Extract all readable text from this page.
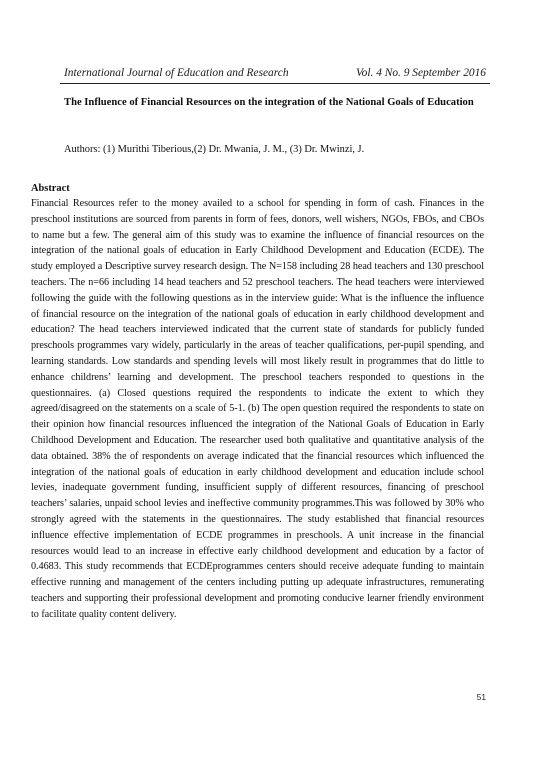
International Journal of Education and Research	Vol. 4 No. 9 September 2016
The Influence of Financial Resources on the integration of the National Goals of Education
Authors: (1) Murithi Tiberious,(2) Dr. Mwania, J. M., (3) Dr. Mwinzi, J.
Abstract

Financial Resources refer to the money availed to a school for spending in form of cash. Finances in the preschool institutions are sourced from parents in form of fees, donors, well wishers, NGOs, FBOs, and CBOs to name but a few. The general aim of this study was to examine the influence of financial resources on the integration of the national goals of education in Early Childhood Development and Education (ECDE). The study employed a Descriptive survey research design. The N=158 including 28 head teachers and 130 preschool teachers. The n=66 including 14 head teachers and 52 preschool teachers. The head teachers were interviewed following the guide with the following questions as in the interview guide: What is the influence the influence of financial resource on the integration of the national goals of education in early childhood development and education? The head teachers interviewed indicated that the current state of standards for publicly funded preschools programmes vary widely, particularly in the areas of teacher qualifications, per-pupil spending, and learning standards. Low standards and spending levels will most likely result in programmes that do little to enhance childrens’ learning and development. The preschool teachers responded to questions in the questionnaires. (a) Closed questions required the respondents to indicate the extent to which they agreed/disagreed on the statements on a scale of 5-1. (b) The open question required the respondents to state on their opinion how financial resources influenced the integration of the National Goals of Education in Early Childhood Development and Education. The researcher used both qualitative and quantitative analysis of the data obtained. 38% the of respondents on average indicated that the financial resources which influenced the integration of the national goals of education in early childhood development and education include school levies, inadequate government funding, insufficient supply of different resources, financing of preschool teachers’ salaries, unpaid school levies and ineffective community programmes.This was followed by 30% who strongly agreed with the statements in the questionnaires. The study established that financial resources influence effective implementation of ECDE programmes in preschools. A unit increase in the financial resources would lead to an increase in effective early childhood development and education by a factor of 0.4683. This study recommends that ECDEprogrammes centers should receive adequate funding to maintain effective running and management of the centers including putting up adequate infrastructures, remunerating teachers and supporting their professional development and promoting conducive learner friendly environment to facilitate quality content delivery.

51
